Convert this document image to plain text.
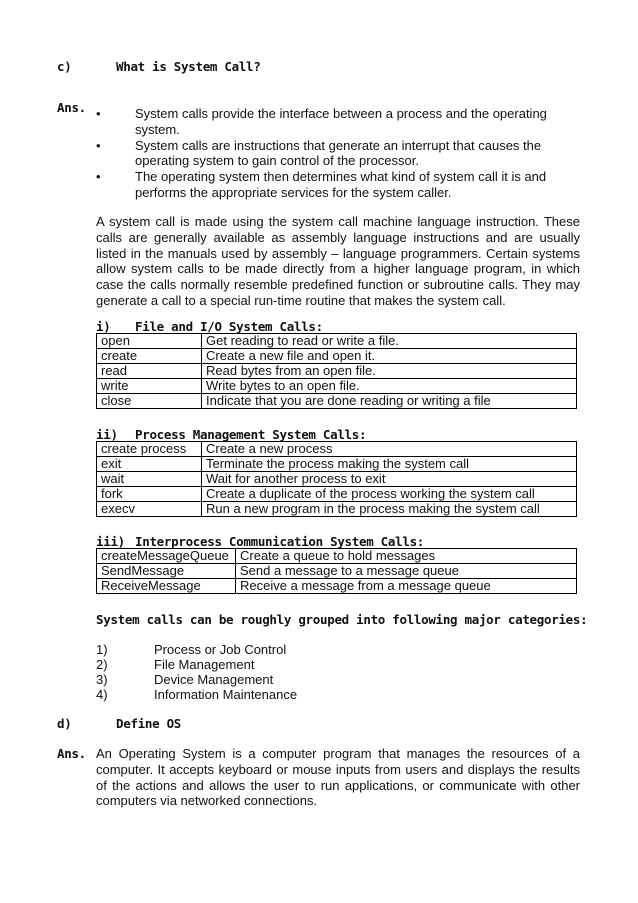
c)	What is System Call?
Ans. •	System calls provide the interface between a process and the operating system.
•	System calls are instructions that generate an interrupt that causes the operating system to gain control of the processor.
•	The operating system then determines what kind of system call it is and performs the appropriate services for the system caller.
A system call is made using the system call machine language instruction. These calls are generally available as assembly language instructions and are usually listed in the manuals used by assembly – language programmers. Certain systems allow system calls to be made directly from a higher language program, in which case the calls normally resemble predefined function or subroutine calls. They may generate a call to a special run-time routine that makes the system call.
i) File and I/O System Calls:
open	Get reading to read or write a file.
create	Create a new file and open it.
read	Read bytes from an open file.
write	Write bytes to an open file.
close	Indicate that you are done reading or writing a file
ii) Process Management System Calls:
create process	Create a new process
exit	Terminate the process making the system call
wait	Wait for another process to exit
fork	Create a duplicate of the process working the system call
execv	Run a new program in the process making the system call
iii) Interprocess Communication System Calls:
createMessageQueue	Create a queue to hold messages
SendMessage	Send a message to a message queue
ReceiveMessage	Receive a message from a message queue
System calls can be roughly grouped into following major categories:
1)	Process or Job Control
2)	File Management
3)	Device Management
4)	Information Maintenance
d)	Define OS
Ans. An Operating System is a computer program that manages the resources of a computer. It accepts keyboard or mouse inputs from users and displays the results of the actions and allows the user to run applications, or communicate with other computers via networked connections.
